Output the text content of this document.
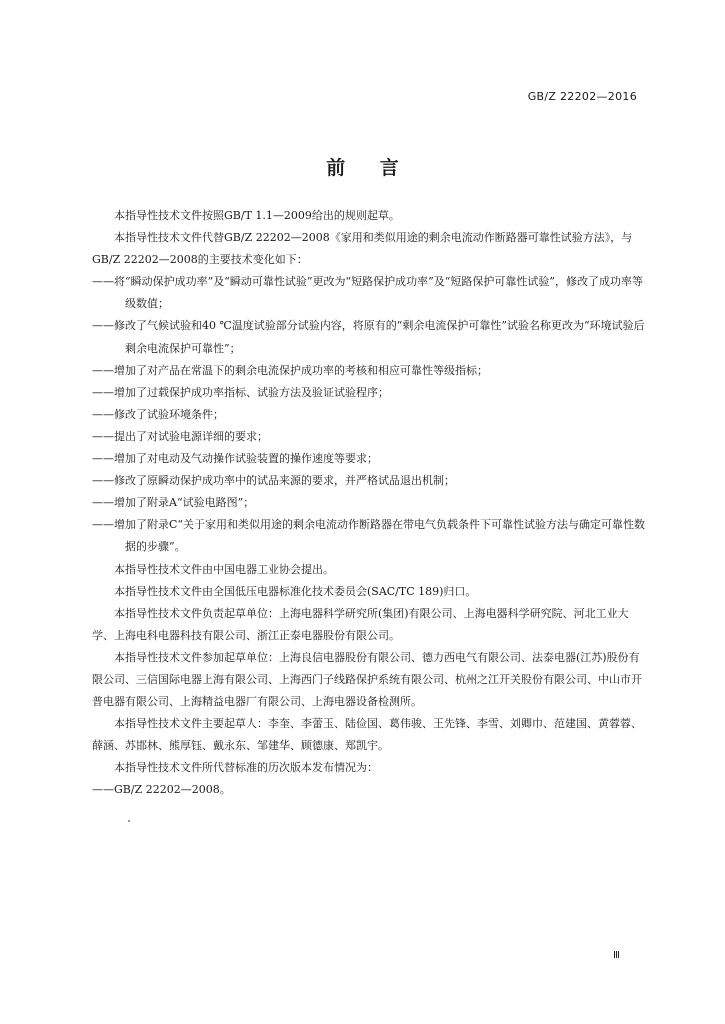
GB/Z 22202—2016
前 言

本指导性技术文件按照GB/T 1.1—2009给出的规则起草。

本指导性技术文件代替GB/Z 22202—2008《家用和类似用途的剩余电流动作断路器可靠性试验方法》，与GB/Z 22202—2008的主要技术变化如下：

——将“瞬动保护成功率”及“瞬动可靠性试验”更改为“短路保护成功率”及“短路保护可靠性试验”，修改了成功率等级数值；

——修改了气候试验和40 ℃温度试验部分试验内容，将原有的“剩余电流保护可靠性”试验名称更改为“环境试验后剩余电流保护可靠性”；

——增加了对产品在常温下的剩余电流保护成功率的考核和相应可靠性等级指标；

——增加了过载保护成功率指标、试验方法及验证试验程序；

——修改了试验环境条件；

——提出了对试验电源详细的要求；

——增加了对电动及气动操作试验装置的操作速度等要求；

——修改了原瞬动保护成功率中的试品来源的要求，并严格试品退出机制；

——增加了附录A“试验电路图”；

——增加了附录C“关于家用和类似用途的剩余电流动作断路器在带电气负载条件下可靠性试验方法与确定可靠性数据的步骤”。

本指导性技术文件由中国电器工业协会提出。

本指导性技术文件由全国低压电器标准化技术委员会(SAC/TC 189)归口。

本指导性技术文件负责起草单位：上海电器科学研究所(集团)有限公司、上海电器科学研究院、河北工业大学、上海电科电器科技有限公司、浙江正泰电器股份有限公司。

本指导性技术文件参加起草单位：上海良信电器股份有限公司、德力西电气有限公司、法泰电器(江苏)股份有限公司、三信国际电器上海有限公司、上海西门子线路保护系统有限公司、杭州之江开关股份有限公司、中山市开普电器有限公司、上海精益电器厂有限公司、上海电器设备检测所。

本指导性技术文件主要起草人：李奎、李蕾玉、陆俭国、葛伟骏、王先锋、李雪、刘卿巾、范建国、黄蓉蓉、薛涵、苏邯林、熊厚钰、戴永东、邹建华、顾德康、郑凯宇。

本指导性技术文件所代替标准的历次版本发布情况为：

——GB/Z 22202—2008。

Ⅲ
